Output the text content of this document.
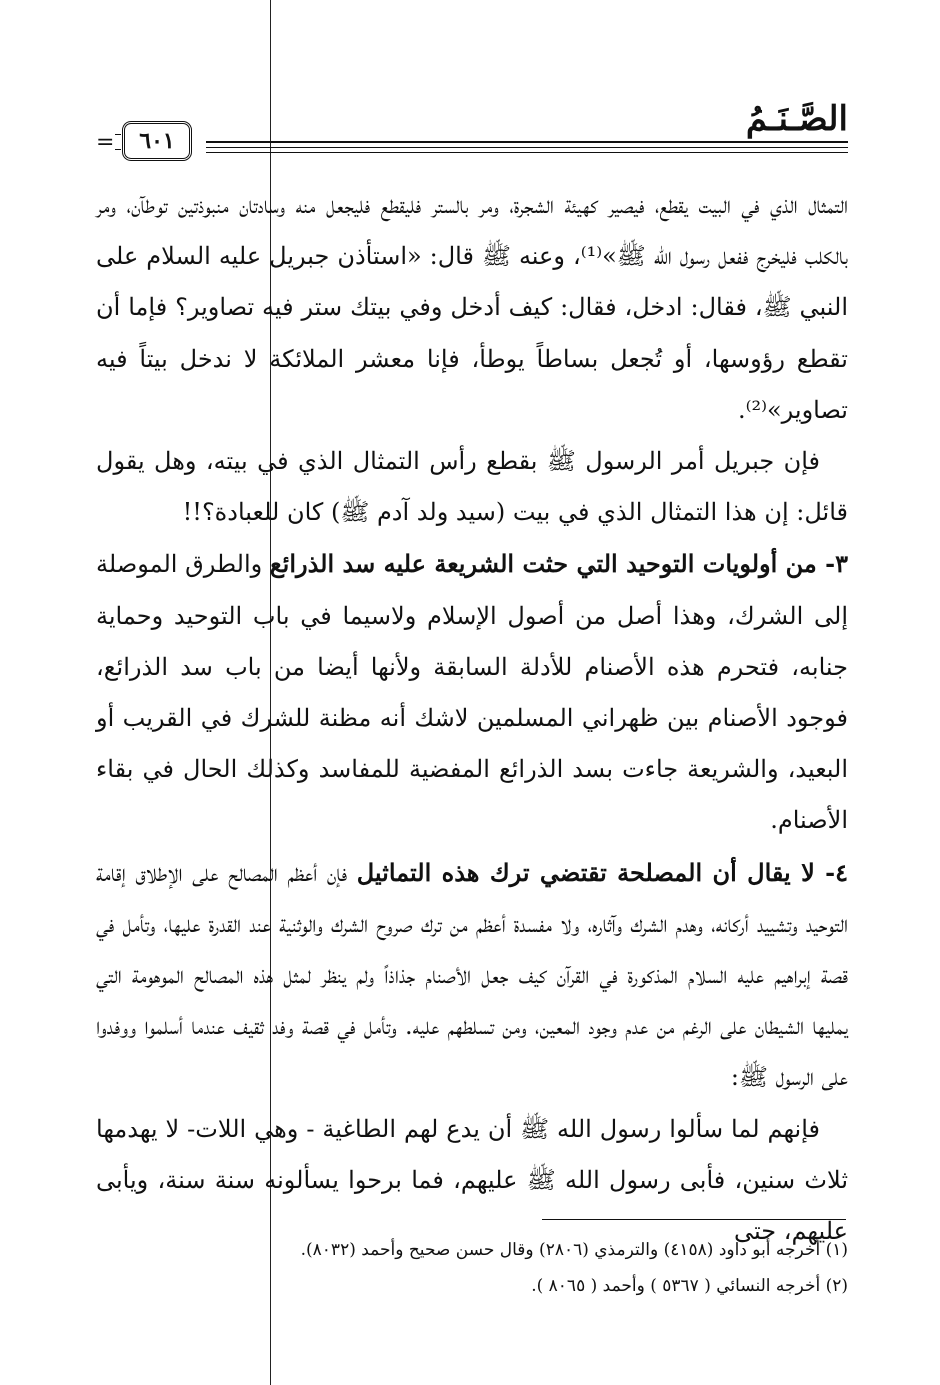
الصَّـنَـمُ
٦٠١
=

التمثال الذي في البيت يقطع، فيصير كهيئة الشجرة، ومر بالستر فليقطع فليجعل منه وسادتان منبوذتين توطآن، ومر بالكلب فليخرج ففعل رسول الله ﷺ»⁽¹⁾، وعنه ﷺ قال: «استأذن جبريل عليه السلام على النبي ﷺ، فقال: ادخل، فقال: كيف أدخل وفي بيتك ستر فيه تصاوير؟ فإما أن تقطع رؤوسها، أو تُجعل بساطاً يوطأ، فإنا معشر الملائكة لا ندخل بيتاً فيه تصاوير»⁽²⁾.

فإن جبريل أمر الرسول ﷺ بقطع رأس التمثال الذي في بيته، وهل يقول قائل: إن هذا التمثال الذي في بيت (سيد ولد آدم ﷺ) كان للعبادة؟!!

٣- من أولويات التوحيد التي حثت الشريعة عليه سد الذرائع والطرق الموصلة إلى الشرك، وهذا أصل من أصول الإسلام ولاسيما في باب التوحيد وحماية جنابه، فتحرم هذه الأصنام للأدلة السابقة ولأنها أيضا من باب سد الذرائع، فوجود الأصنام بين ظهراني المسلمين لاشك أنه مظنة للشرك في القريب أو البعيد، والشريعة جاءت بسد الذرائع المفضية للمفاسد وكذلك الحال في بقاء الأصنام.

٤- لا يقال أن المصلحة تقتضي ترك هذه التماثيل فإن أعظم المصالح على الإطلاق إقامة التوحيد وتشييد أركانه، وهدم الشرك وآثاره، ولا مفسدة أعظم من ترك صروح الشرك والوثنية عند القدرة عليها، وتأمل في قصة إبراهيم عليه السلام المذكورة في القرآن كيف جعل الأصنام جذاذاً ولم ينظر لمثل هذه المصالح الموهومة التي يمليها الشيطان على الرغم من عدم وجود المعين، ومن تسلطهم عليه. وتأمل في قصة وفد ثقيف عندما أسلموا ووفدوا على الرسول ﷺ:

فإنهم لما سألوا رسول الله ﷺ أن يدع لهم الطاغية - وهي اللات- لا يهدمها ثلاث سنين، فأبى رسول الله ﷺ عليهم، فما برحوا يسألونه سنة سنة، ويأبى عليهم، حتى

(١) أخرجه أبو داود (٤١٥٨) والترمذي (٢٨٠٦) وقال حسن صحيح وأحمد (٨٠٣٢).

(٢) أخرجه النسائي ( ٥٣٦٧ ) وأحمد ( ٨٠٦٥ ).
